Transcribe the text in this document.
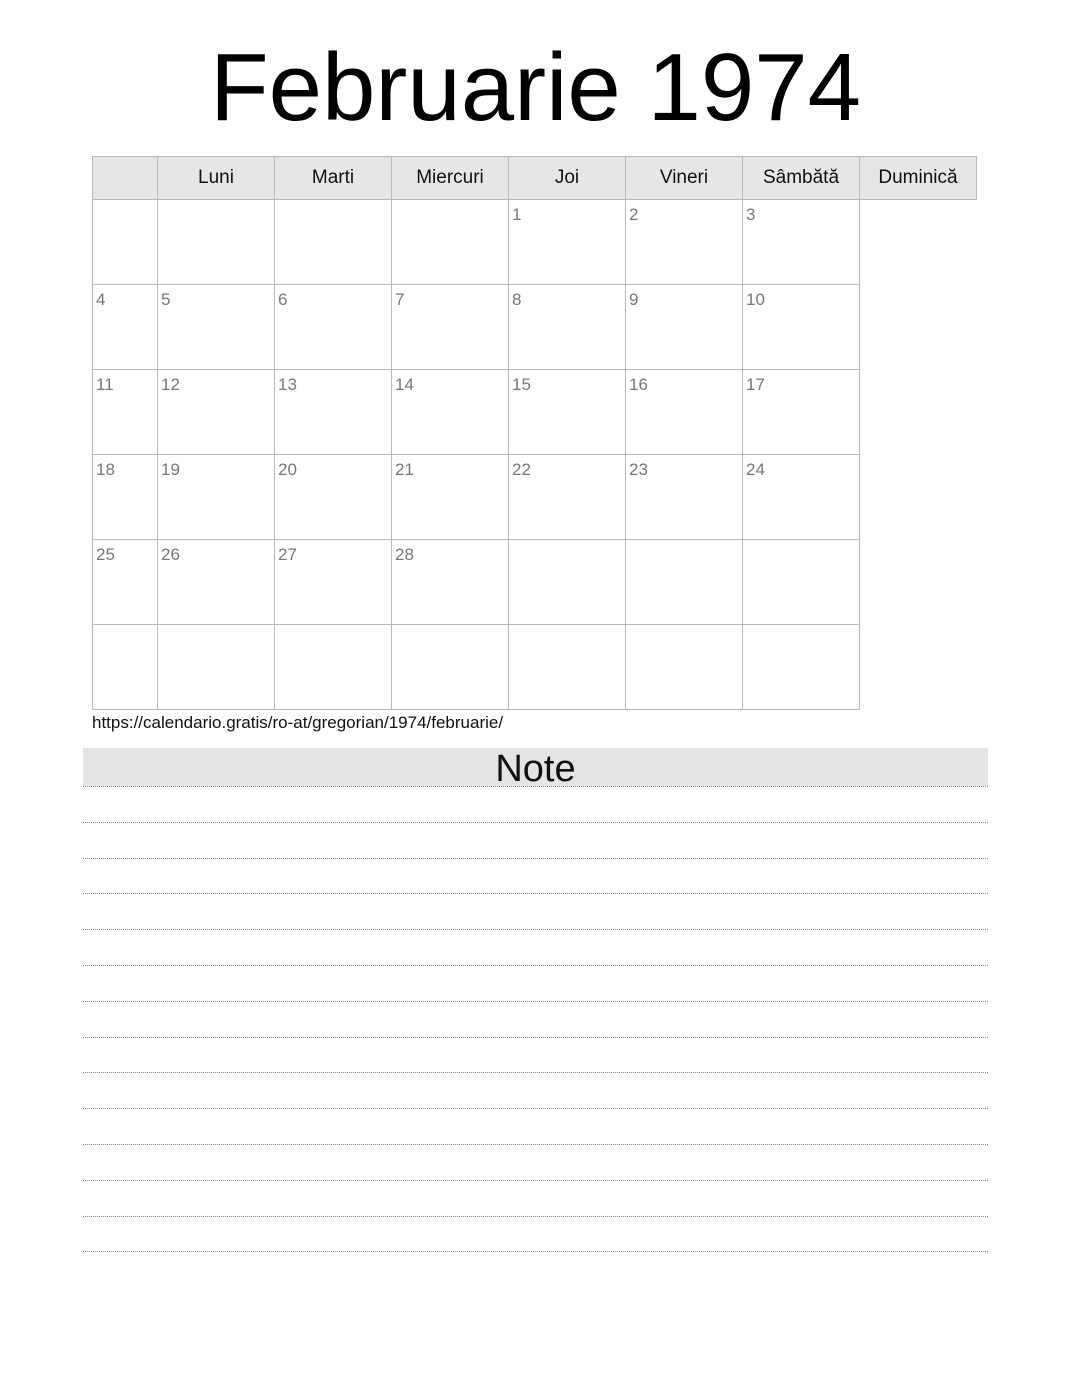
Februarie 1974
	Luni	Marti	Miercuri	Joi	Vineri	Sâmbătă	Duminică

				1	2	3	

4	5	6	7	8	9	10	

11	12	13	14	15	16	17	

18	19	20	21	22	23	24	

25	26	27	28				

https://calendario.gratis/ro-at/gregorian/1974/februarie/
Note
